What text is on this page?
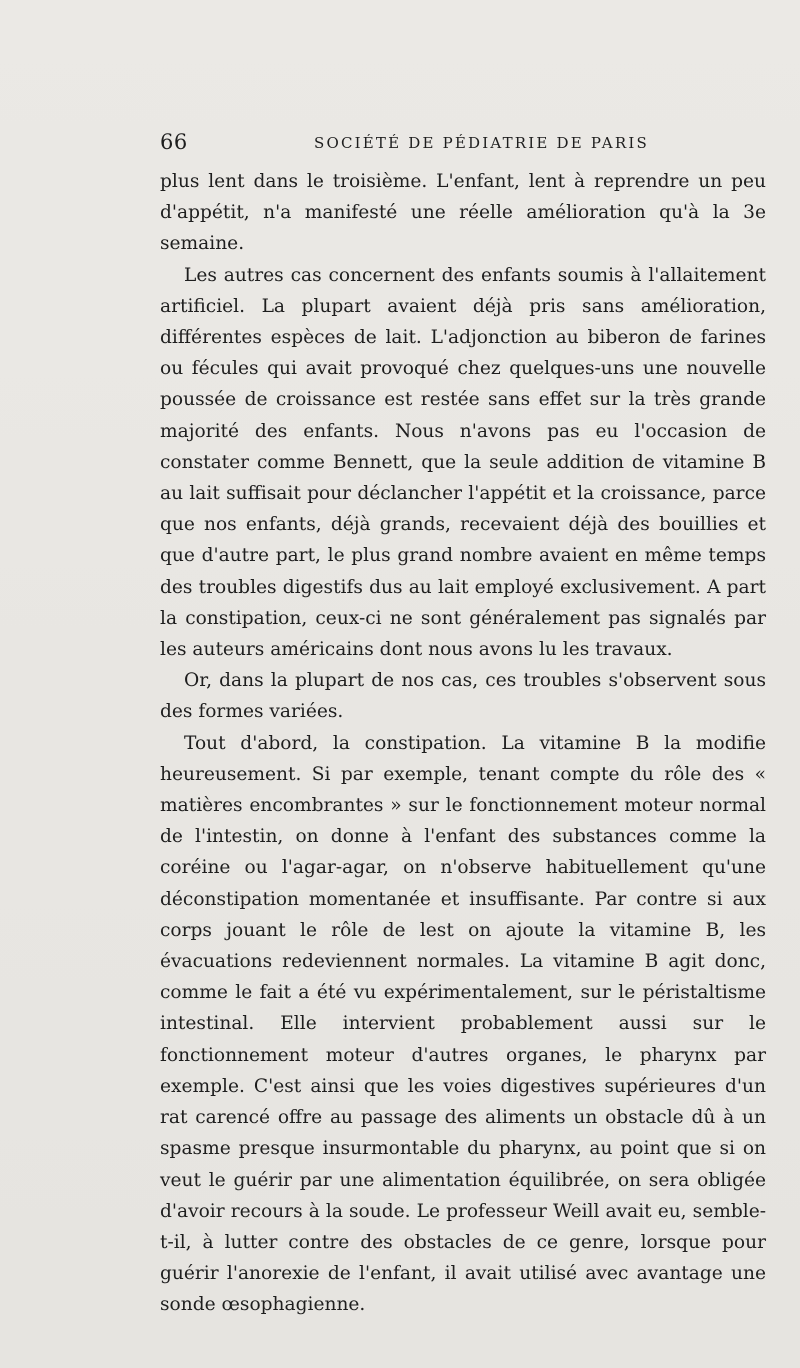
66	SOCIÉTÉ DE PÉDIATRIE DE PARIS

plus lent dans le troisième. L'enfant, lent à reprendre un peu d'appétit, n'a manifesté une réelle amélioration qu'à la 3e semaine.

Les autres cas concernent des enfants soumis à l'allaitement artificiel. La plupart avaient déjà pris sans amélioration, différentes espèces de lait. L'adjonction au biberon de farines ou fécules qui avait provoqué chez quelques-uns une nouvelle poussée de croissance est restée sans effet sur la très grande majorité des enfants. Nous n'avons pas eu l'occasion de constater comme Bennett, que la seule addition de vitamine B au lait suffisait pour déclancher l'appétit et la croissance, parce que nos enfants, déjà grands, recevaient déjà des bouillies et que d'autre part, le plus grand nombre avaient en même temps des troubles digestifs dus au lait employé exclusivement. A part la constipation, ceux-ci ne sont généralement pas signalés par les auteurs américains dont nous avons lu les travaux.

Or, dans la plupart de nos cas, ces troubles s'observent sous des formes variées.

Tout d'abord, la constipation. La vitamine B la modifie heureusement. Si par exemple, tenant compte du rôle des « matières encombrantes » sur le fonctionnement moteur normal de l'intestin, on donne à l'enfant des substances comme la coréine ou l'agar-agar, on n'observe habituellement qu'une déconstipation momentanée et insuffisante. Par contre si aux corps jouant le rôle de lest on ajoute la vitamine B, les évacuations redeviennent normales. La vitamine B agit donc, comme le fait a été vu expérimentalement, sur le péristaltisme intestinal. Elle intervient probablement aussi sur le fonctionnement moteur d'autres organes, le pharynx par exemple. C'est ainsi que les voies digestives supérieures d'un rat carencé offre au passage des aliments un obstacle dû à un spasme presque insurmontable du pharynx, au point que si on veut le guérir par une alimentation équilibrée, on sera obligée d'avoir recours à la soude. Le professeur Weill avait eu, semble-t-il, à lutter contre des obstacles de ce genre, lorsque pour guérir l'anorexie de l'enfant, il avait utilisé avec avantage une sonde œsophagienne.
